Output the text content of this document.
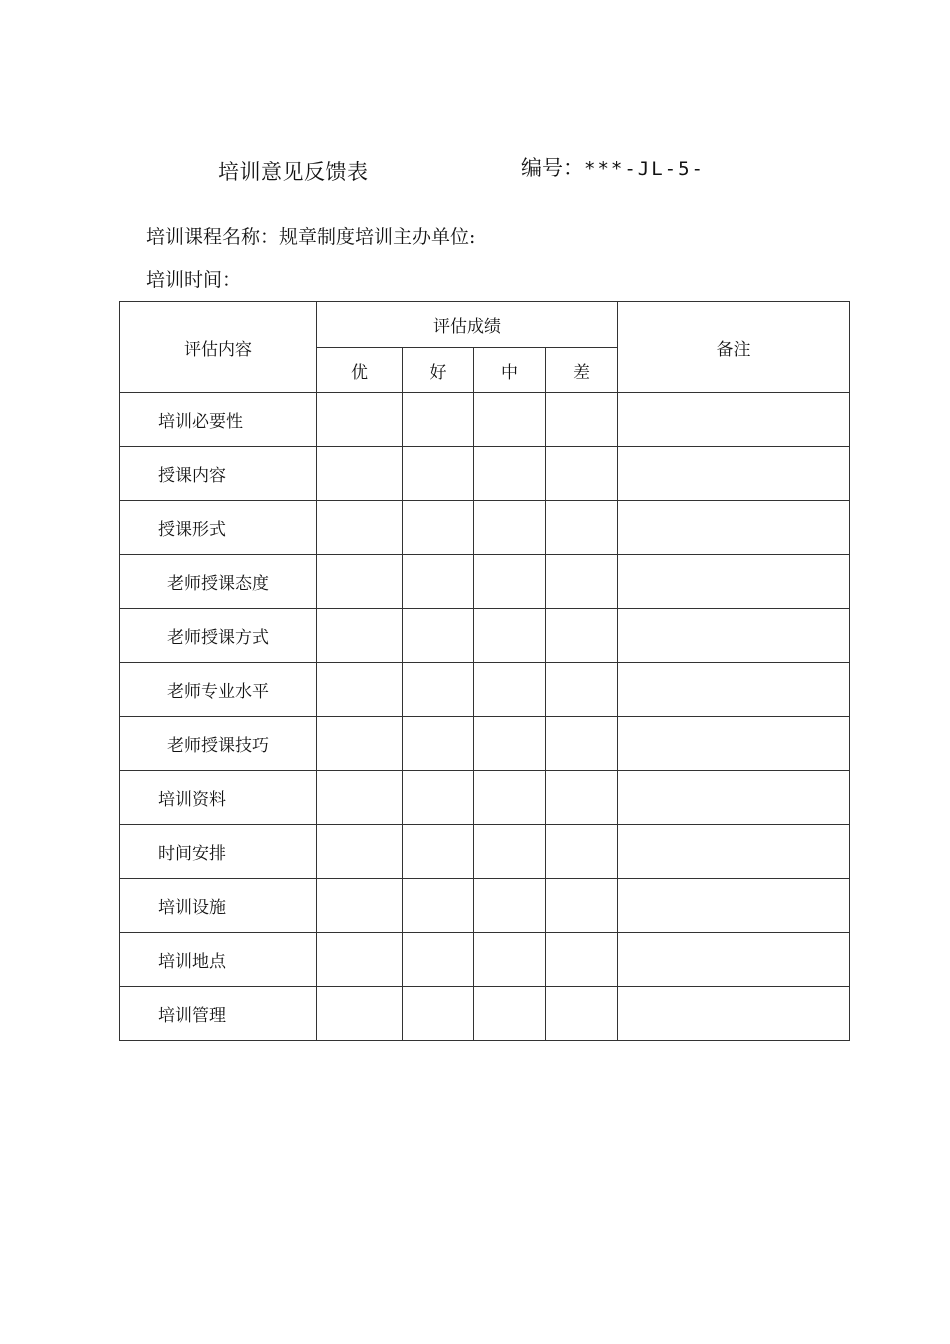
培训意见反馈表	编号：***-JL-5-
培训课程名称：规章制度培训主办单位:
培训时间：
评估内容	评估成绩				备注
	优	好	中	差	
培训必要性					
授课内容					
授课形式					
老师授课态度					
老师授课方式					
老师专业水平					
老师授课技巧					
培训资料					
时间安排					
培训设施					
培训地点					
培训管理					
